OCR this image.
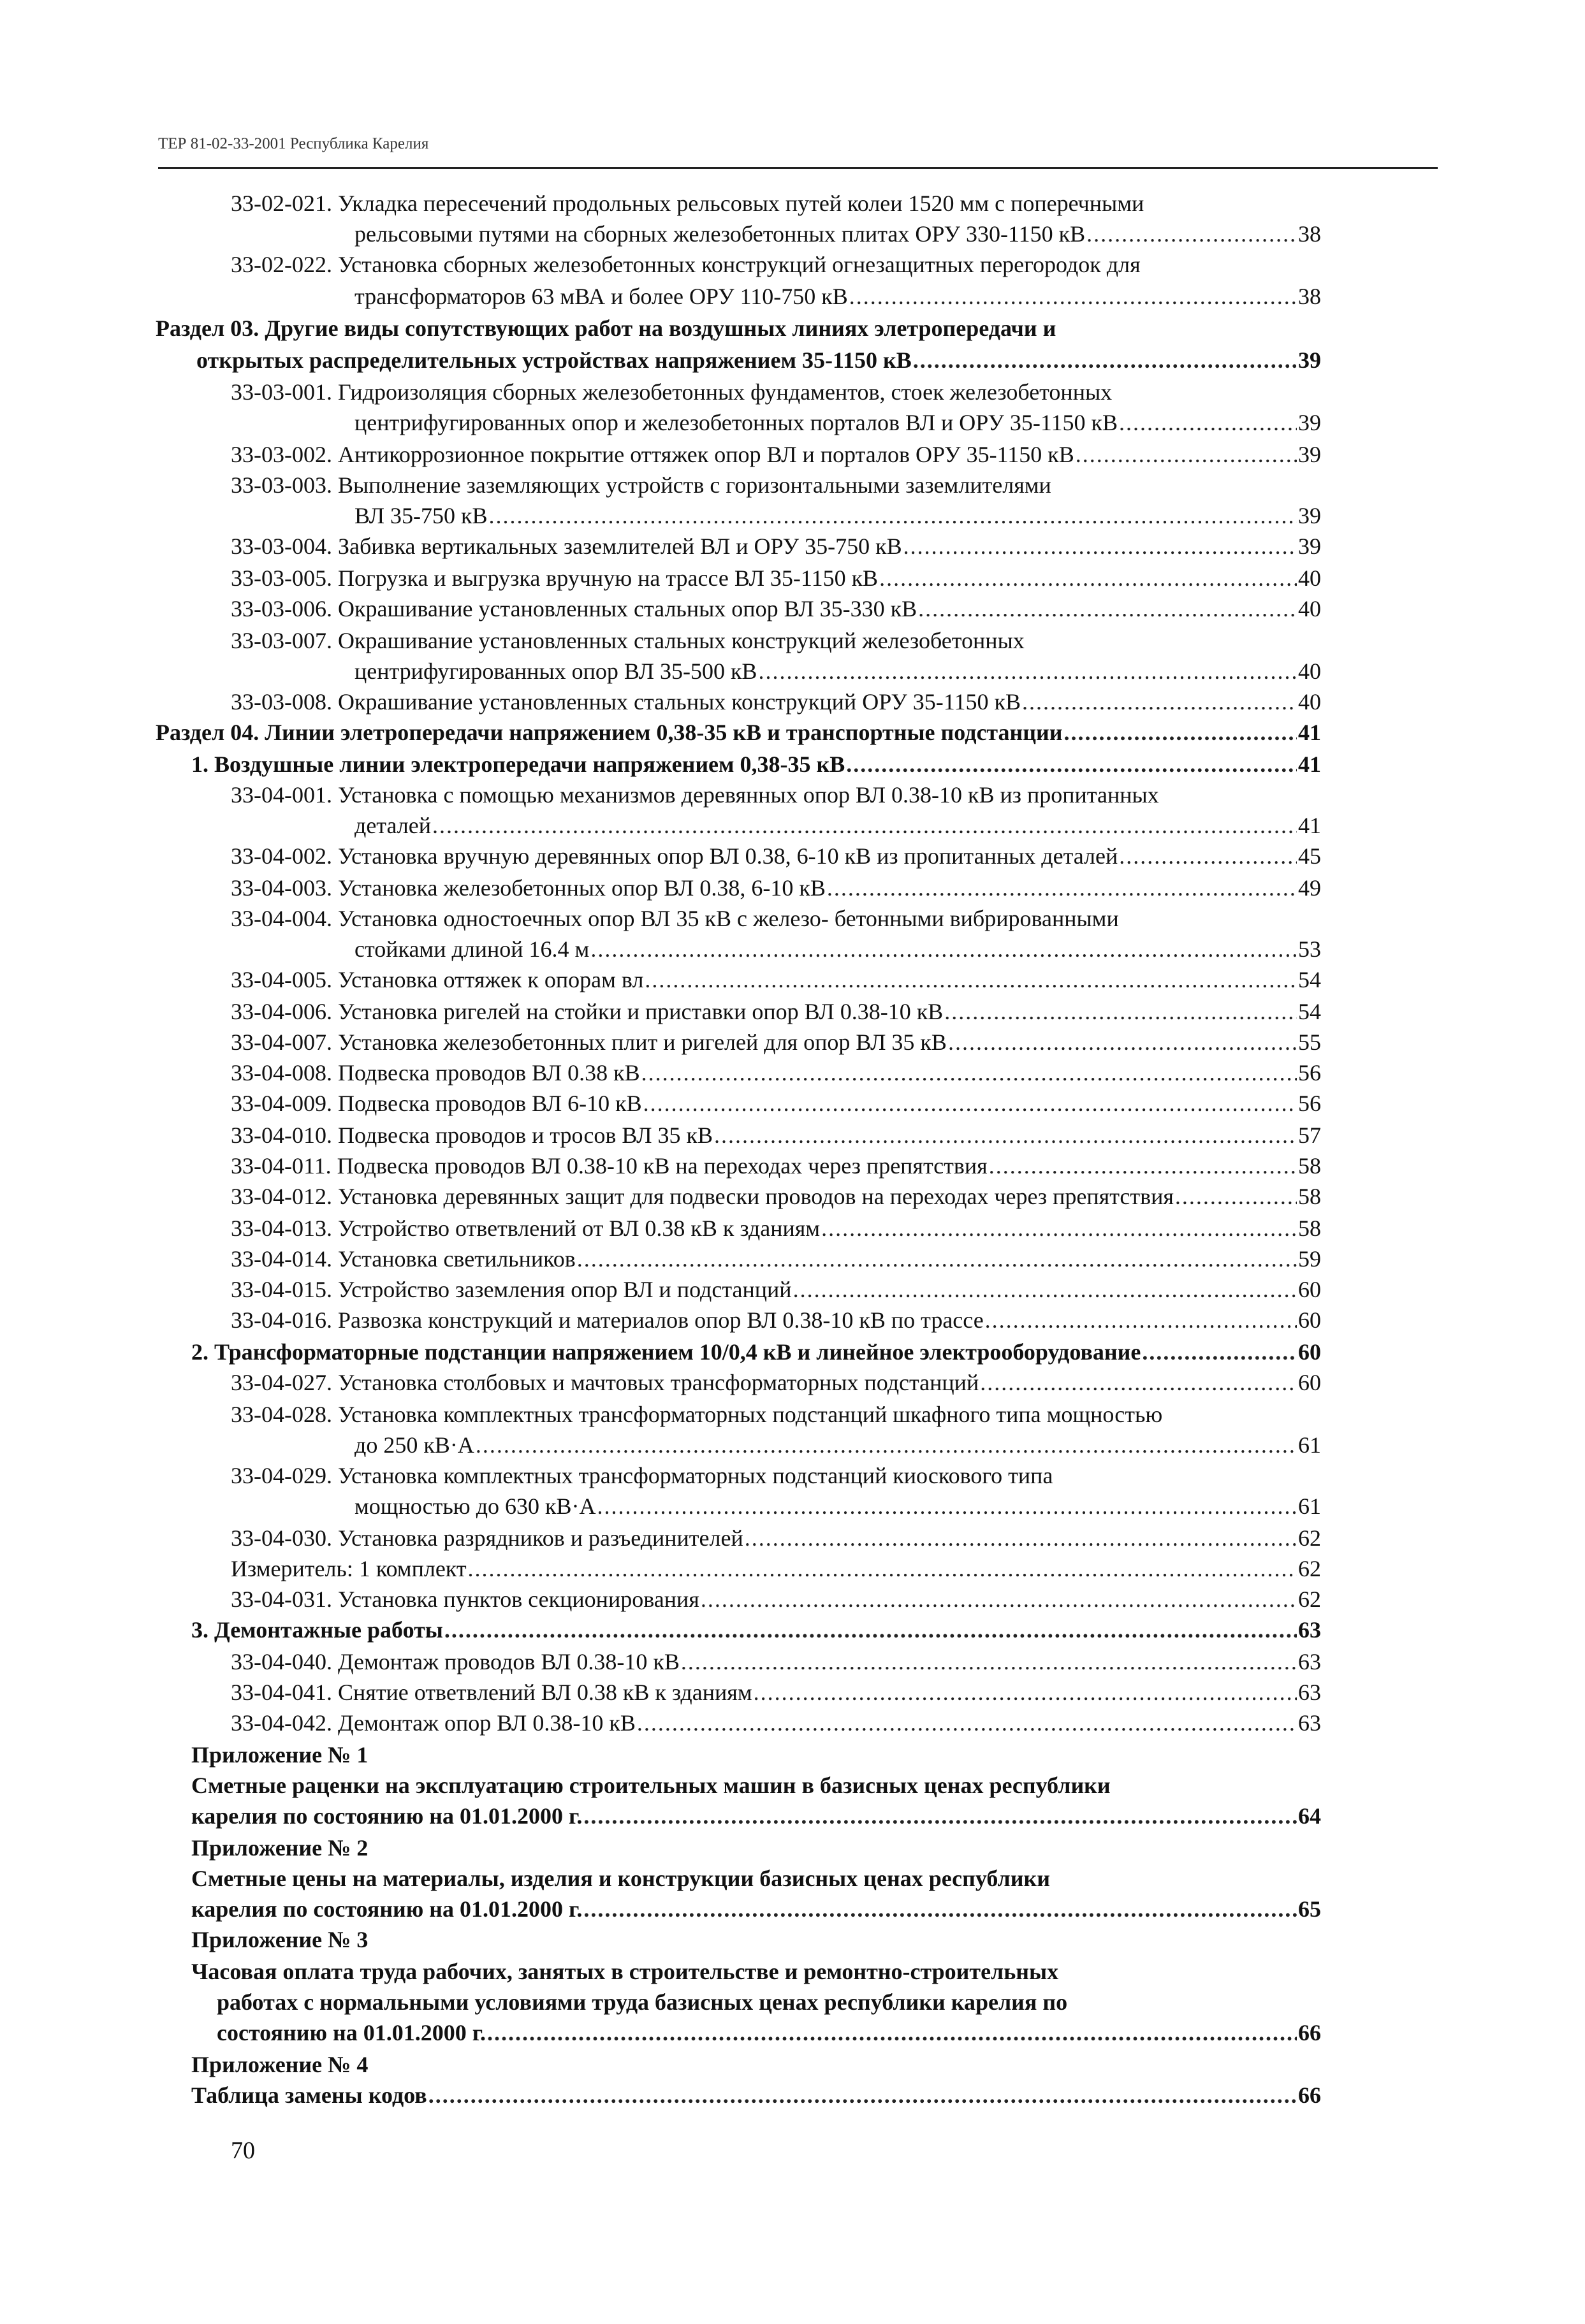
ТЕР 81-02-33-2001 Республика Карелия
33-02-021. Укладка пересечений продольных рельсовых путей колеи 1520 мм с поперечными
рельсовыми путями на сборных железобетонных плитах ОРУ 330-1150 кВ .....	38
33-02-022. Установка сборных железобетонных конструкций огнезащитных перегородок для
трансформаторов 63 мВА и более ОРУ 110-750 кВ .....	38
Раздел 03. Другие виды сопутствующих работ на воздушных линиях элетропередачи и
открытых распределительных устройствах напряжением 35-1150 кВ .....	39
33-03-001. Гидроизоляция сборных железобетонных фундаментов, стоек железобетонных
центрифугированных опор и железобетонных порталов ВЛ и ОРУ 35-1150 кВ .....	39
33-03-002. Антикоррозионное покрытие оттяжек опор ВЛ и порталов ОРУ 35-1150 кВ .....	39
33-03-003. Выполнение заземляющих устройств с горизонтальными заземлителями
ВЛ 35-750 кВ .....	39
33-03-004. Забивка вертикальных заземлителей ВЛ и ОРУ 35-750 кВ .....	39
33-03-005. Погрузка и выгрузка вручную на трассе ВЛ 35-1150 кВ .....	40
33-03-006. Окрашивание установленных стальных опор ВЛ 35-330 кВ .....	40
33-03-007. Окрашивание установленных стальных конструкций железобетонных
центрифугированных опор ВЛ 35-500 кВ .....	40
33-03-008. Окрашивание установленных стальных конструкций ОРУ 35-1150 кВ .....	40
Раздел 04. Линии элетропередачи напряжением 0,38-35 кВ и транспортные подстанции .....	41
1. Воздушные линии электропередачи напряжением 0,38-35 кВ .....	41
33-04-001. Установка с помощью механизмов деревянных опор ВЛ 0.38-10 кВ из пропитанных
деталей .....	41
33-04-002. Установка вручную деревянных опор ВЛ 0.38, 6-10 кВ из пропитанных деталей .....	45
33-04-003. Установка железобетонных опор ВЛ 0.38, 6-10 кВ .....	49
33-04-004. Установка одностоечных опор ВЛ 35 кВ с железо- бетонными вибрированными
стойками длиной 16.4 м .....	53
33-04-005. Установка оттяжек к опорам вл .....	54
33-04-006. Установка ригелей на стойки и приставки опор ВЛ 0.38-10 кВ .....	54
33-04-007. Установка железобетонных плит и ригелей для опор ВЛ 35 кВ .....	55
33-04-008. Подвеска проводов ВЛ 0.38 кВ .....	56
33-04-009. Подвеска проводов ВЛ 6-10 кВ .....	56
33-04-010. Подвеска проводов и тросов ВЛ 35 кВ .....	57
33-04-011. Подвеска проводов ВЛ 0.38-10 кВ на переходах через препятствия .....	58
33-04-012. Установка деревянных защит для подвески проводов на переходах через препятствия .....	58
33-04-013. Устройство ответвлений от ВЛ 0.38 кВ к зданиям .....	58
33-04-014. Установка светильников .....	59
33-04-015. Устройство заземления опор ВЛ и подстанций .....	60
33-04-016. Развозка конструкций и материалов опор ВЛ 0.38-10 кВ по трассе .....	60
2. Трансформаторные подстанции напряжением 10/0,4 кВ и линейное электрооборудование .....	60
33-04-027. Установка столбовых и мачтовых трансформаторных подстанций .....	60
33-04-028. Установка комплектных трансформаторных подстанций шкафного типа мощностью
до 250 кВ·А .....	61
33-04-029. Установка комплектных трансформаторных подстанций киоскового типа
мощностью до 630 кВ·А .....	61
33-04-030. Установка разрядников и разъединителей .....	62
Измеритель: 1 комплект .....	62
33-04-031. Установка пунктов секционирования .....	62
3. Демонтажные работы .....	63
33-04-040. Демонтаж проводов ВЛ 0.38-10 кВ .....	63
33-04-041. Снятие ответвлений ВЛ 0.38 кВ к зданиям .....	63
33-04-042. Демонтаж опор ВЛ 0.38-10 кВ .....	63
Приложение № 1
Сметные раценки на эксплуатацию строительных машин в базисных ценах республики
карелия по состоянию на 01.01.2000 г. .....	64
Приложение № 2
Сметные цены на материалы, изделия и конструкции базисных ценах республики
карелия по состоянию на 01.01.2000 г. .....	65
Приложение № 3
Часовая оплата труда рабочих, занятых в строительстве и ремонтно-строительных
работах с нормальными условиями труда базисных ценах республики карелия по
состоянию на 01.01.2000 г. .....	66
Приложение № 4
Таблица замены кодов .....	66
70
